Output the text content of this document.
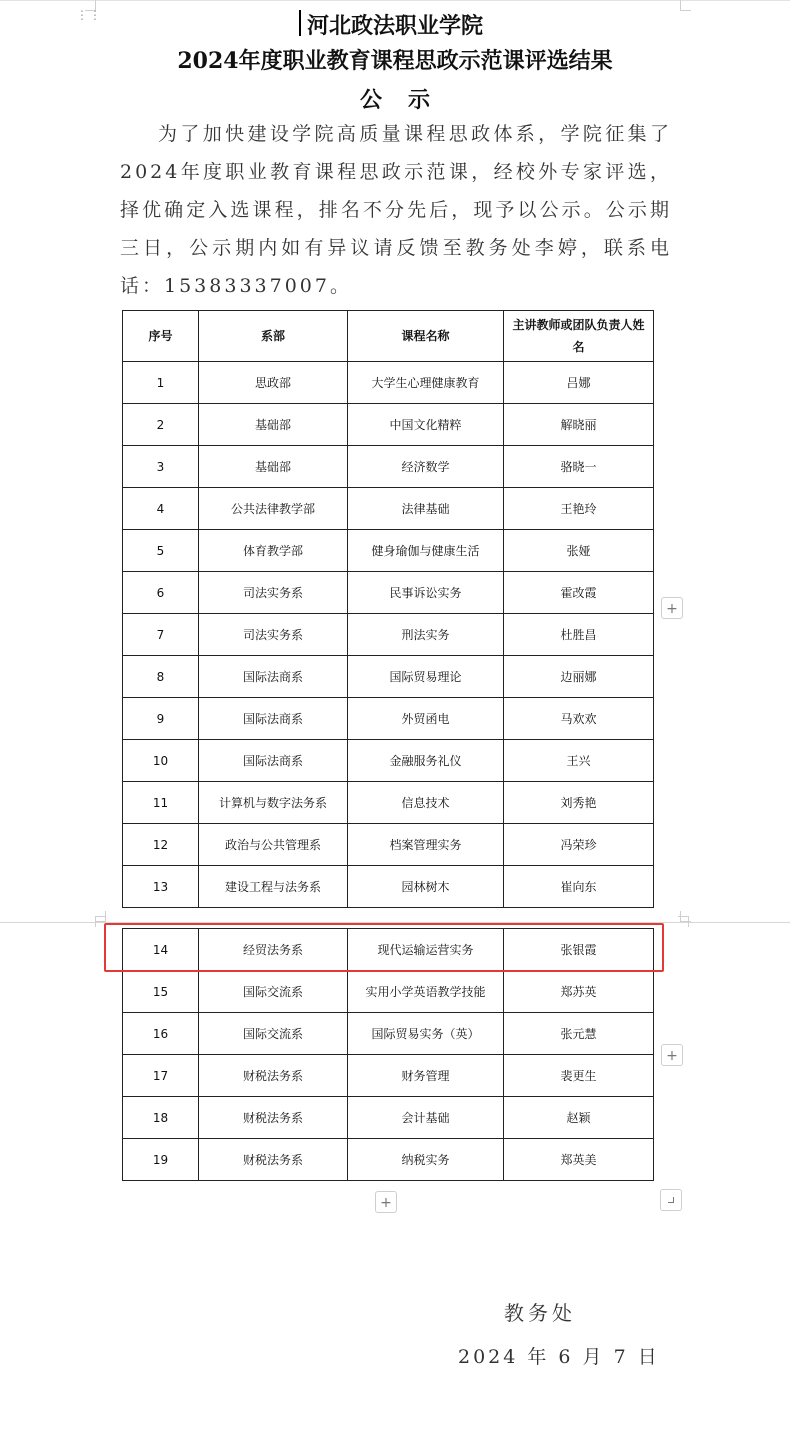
⋮⋮	河北政法职业学院
2024年度职业教育课程思政示范课评选结果
公示
为了加快建设学院高质量课程思政体系，学院征集了2024年度职业教育课程思政示范课，经校外专家评选，择优确定入选课程，排名不分先后，现予以公示。公示期三日，公示期内如有异议请反馈至教务处李婷，联系电话：15383337007。
序号	系部	课程名称	主讲教师或团队负责人姓名
1	思政部	大学生心理健康教育	吕娜
2	基础部	中国文化精粹	解晓丽
3	基础部	经济数学	骆晓一
4	公共法律教学部	法律基础	王艳玲
5	体育教学部	健身瑜伽与健康生活	张娅
6	司法实务系	民事诉讼实务	霍改霞
7	司法实务系	刑法实务	杜胜昌
8	国际法商系	国际贸易理论	边丽娜
9	国际法商系	外贸函电	马欢欢
10	国际法商系	金融服务礼仪	王兴
11	计算机与数字法务系	信息技术	刘秀艳
12	政治与公共管理系	档案管理实务	冯荣珍
13	建设工程与法务系	园林树木	崔向东
14	经贸法务系	现代运输运营实务	张银霞
15	国际交流系	实用小学英语教学技能	郑苏英
16	国际交流系	国际贸易实务（英）	张元慧
17	财税法务系	财务管理	裴更生
18	财税法务系	会计基础	赵颖
19	财税法务系	纳税实务	郑英美
+
+
+
教务处
2024 年 6 月 7 日
